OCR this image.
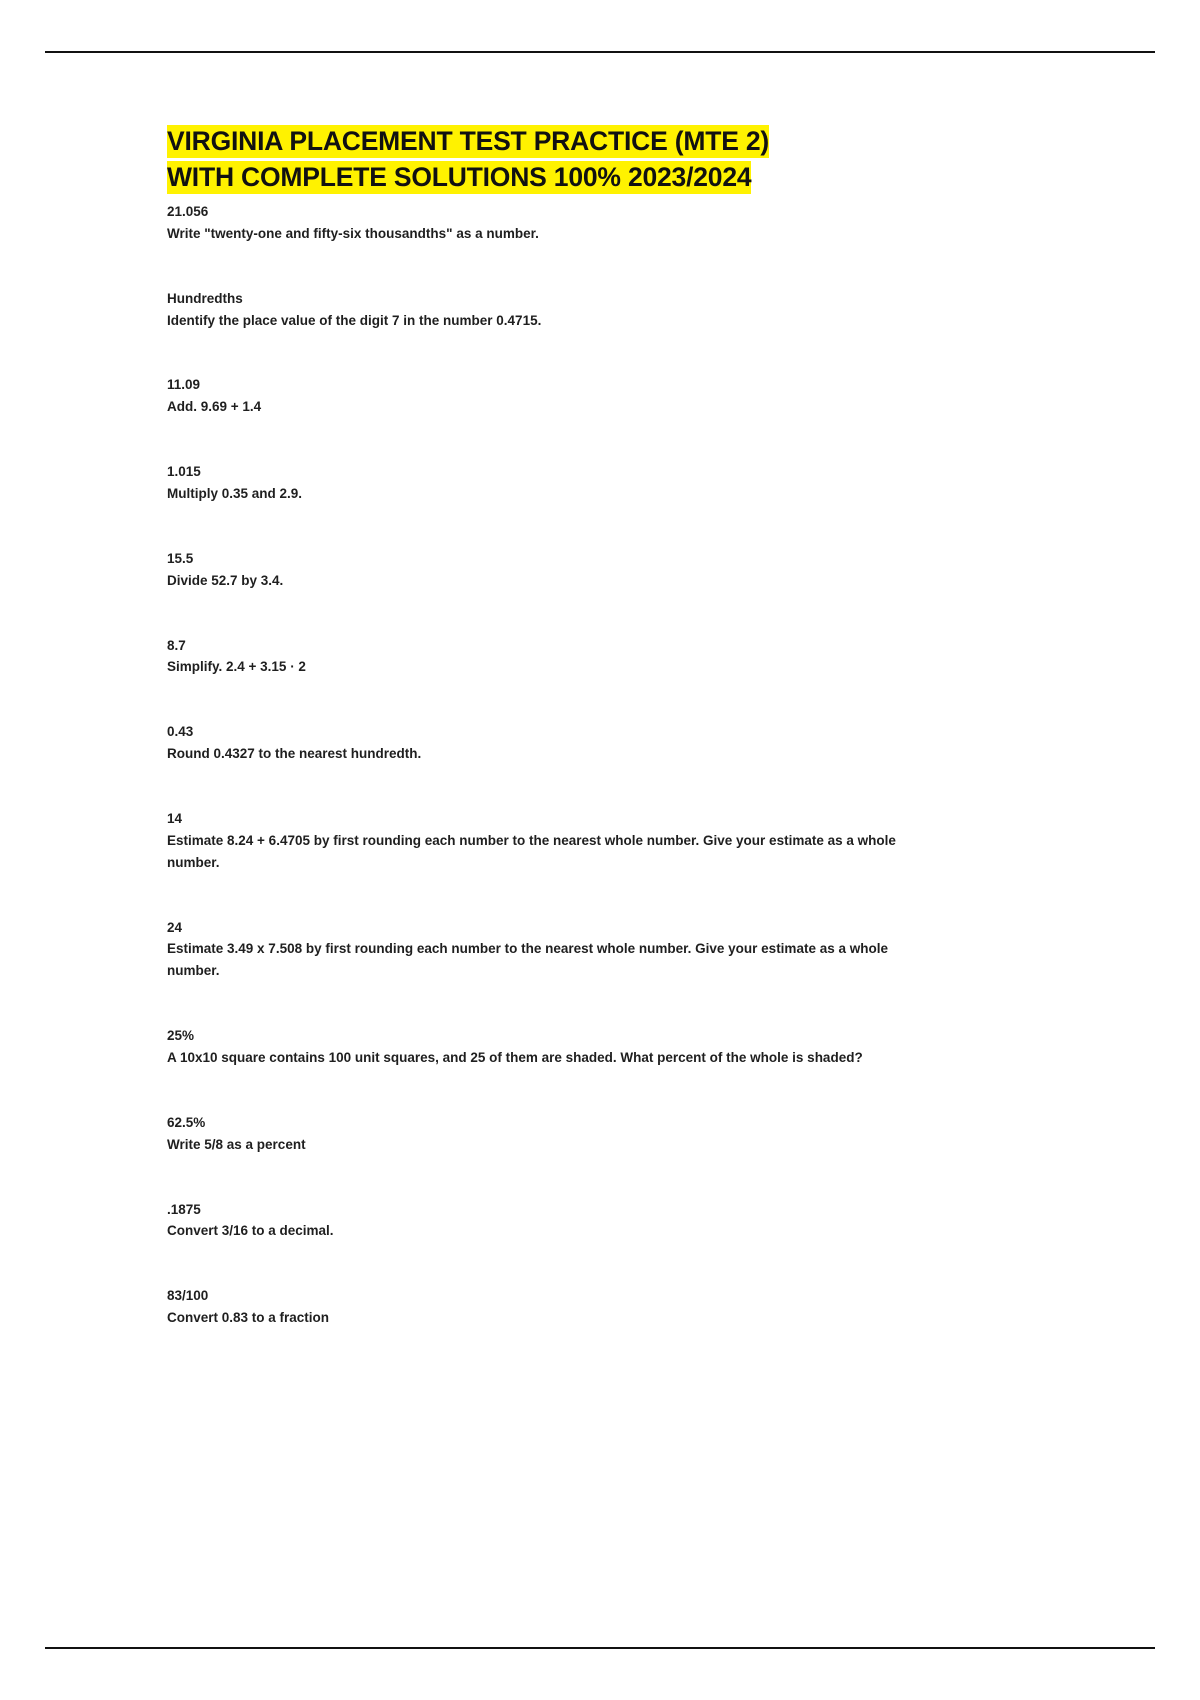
VIRGINIA PLACEMENT TEST PRACTICE (MTE 2)
WITH COMPLETE SOLUTIONS 100% 2023/2024

21.056

Write "twenty-one and fifty-six thousandths" as a number.

Hundredths

Identify the place value of the digit 7 in the number 0.4715.

11.09

Add. 9.69 + 1.4

1.015

Multiply 0.35 and 2.9.

15.5

Divide 52.7 by 3.4.

8.7

Simplify. 2.4 + 3.15 · 2

0.43

Round 0.4327 to the nearest hundredth.

14

Estimate 8.24 + 6.4705 by first rounding each number to the nearest whole number. Give your estimate as a whole number.

24

Estimate 3.49 x 7.508 by first rounding each number to the nearest whole number. Give your estimate as a whole number.

25%

A 10x10 square contains 100 unit squares, and 25 of them are shaded. What percent of the whole is shaded?

62.5%

Write 5/8 as a percent

.1875

Convert 3/16 to a decimal.

83/100

Convert 0.83 to a fraction
